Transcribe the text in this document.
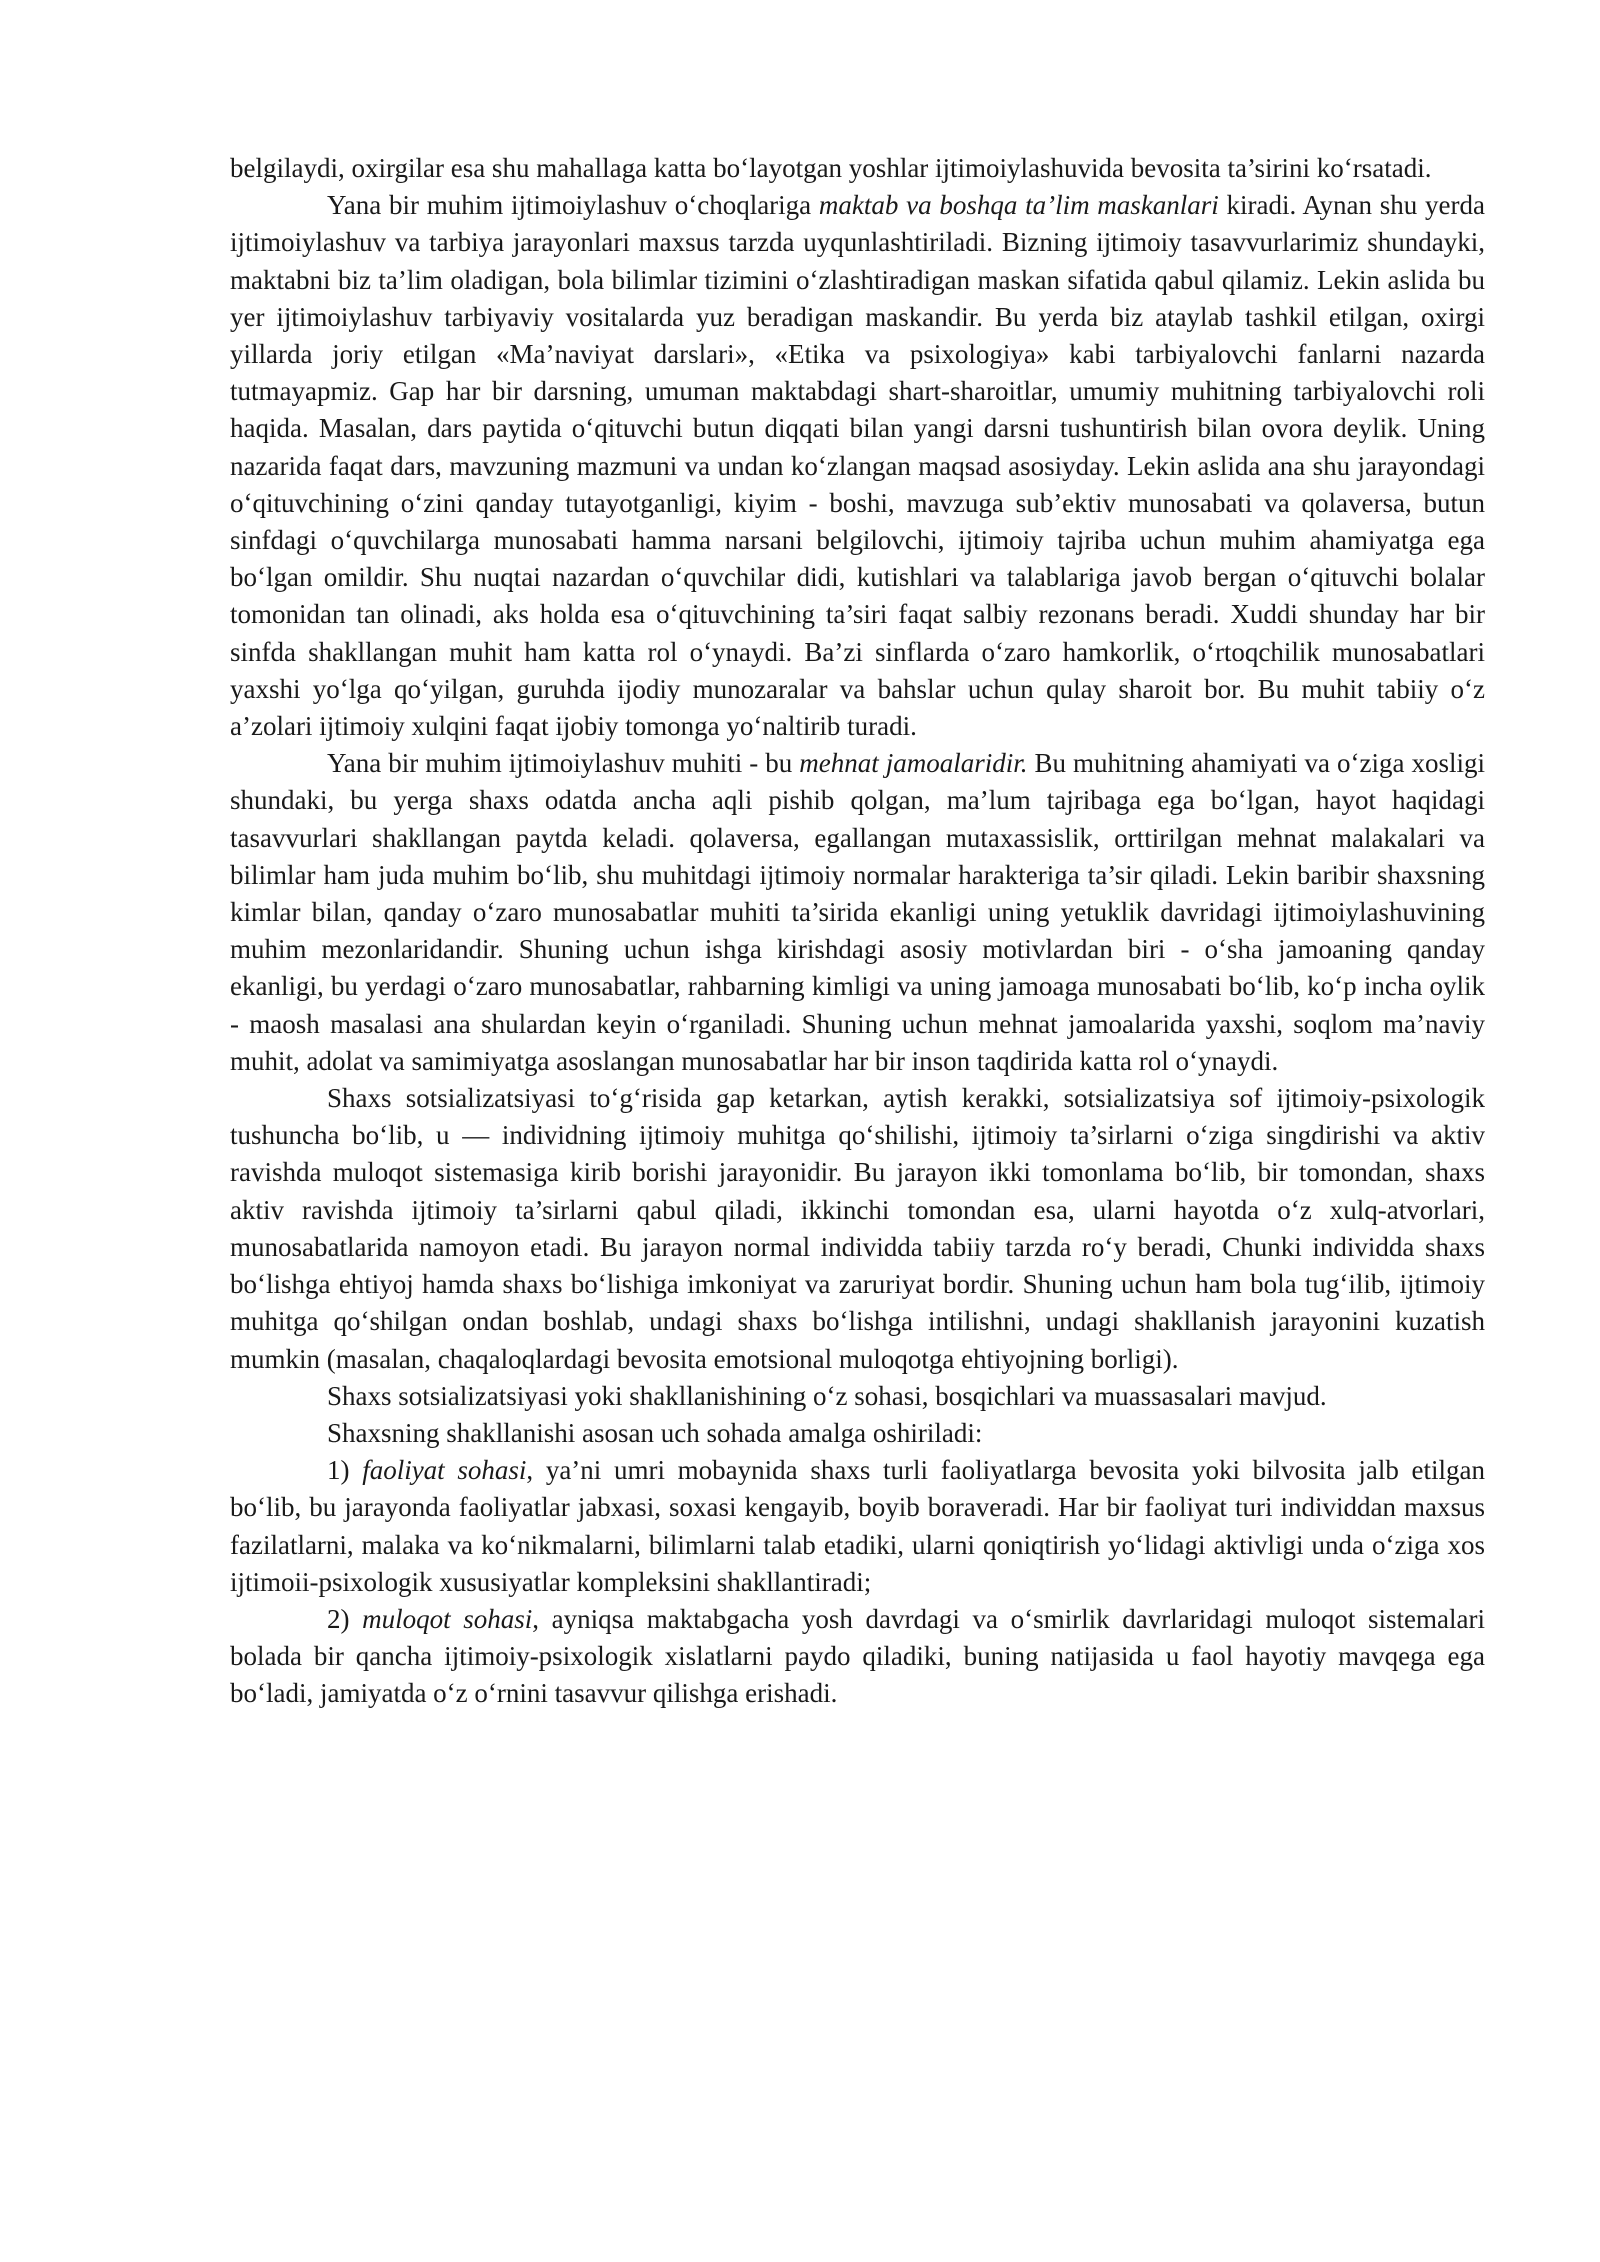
belgilaydi, oxirgilar esa shu mahallaga katta bo‘layotgan yoshlar ijtimoiylashuvida bevosita ta’sirini ko‘rsatadi.

Yana bir muhim ijtimoiylashuv o‘choqlariga maktab va boshqa ta’lim maskanlari kiradi. Aynan shu yerda ijtimoiylashuv va tarbiya jarayonlari maxsus tarzda uyqunlashtiriladi. Bizning ijtimoiy tasavvurlarimiz shundayki, maktabni biz ta’lim oladigan, bola bilimlar tizimini o‘zlashtiradigan maskan sifatida qabul qilamiz. Lekin aslida bu yer ijtimoiylashuv tarbiyaviy vositalarda yuz beradigan maskandir. Bu yerda biz ataylab tashkil etilgan, oxirgi yillarda joriy etilgan «Ma’naviyat darslari», «Etika va psixologiya» kabi tarbiyalovchi fanlarni nazarda tutmayapmiz. Gap har bir darsning, umuman maktabdagi shart-sharoitlar, umumiy muhitning tarbiyalovchi roli haqida. Masalan, dars paytida o‘qituvchi butun diqqati bilan yangi darsni tushuntirish bilan ovora deylik. Uning nazarida faqat dars, mavzuning mazmuni va undan ko‘zlangan maqsad asosiyday. Lekin aslida ana shu jarayondagi o‘qituvchining o‘zini qanday tutayotganligi, kiyim - boshi, mavzuga sub’ektiv munosabati va qolaversa, butun sinfdagi o‘quvchilarga munosabati hamma narsani belgilovchi, ijtimoiy tajriba uchun muhim ahamiyatga ega bo‘lgan omildir. Shu nuqtai nazardan o‘quvchilar didi, kutishlari va talablariga javob bergan o‘qituvchi bolalar tomonidan tan olinadi, aks holda esa o‘qituvchining ta’siri faqat salbiy rezonans beradi. Xuddi shunday har bir sinfda shakllangan muhit ham katta rol o‘ynaydi. Ba’zi sinflarda o‘zaro hamkorlik, o‘rtoqchilik munosabatlari yaxshi yo‘lga qo‘yilgan, guruhda ijodiy munozaralar va bahslar uchun qulay sharoit bor. Bu muhit tabiiy o‘z a’zolari ijtimoiy xulqini faqat ijobiy tomonga yo‘naltirib turadi.

Yana bir muhim ijtimoiylashuv muhiti - bu mehnat jamoalaridir. Bu muhitning ahamiyati va o‘ziga xosligi shundaki, bu yerga shaxs odatda ancha aqli pishib qolgan, ma’lum tajribaga ega bo‘lgan, hayot haqidagi tasavvurlari shakllangan paytda keladi. qolaversa, egallangan mutaxassislik, orttirilgan mehnat malakalari va bilimlar ham juda muhim bo‘lib, shu muhitdagi ijtimoiy normalar harakteriga ta’sir qiladi. Lekin baribir shaxsning kimlar bilan, qanday o‘zaro munosabatlar muhiti ta’sirida ekanligi uning yetuklik davridagi ijtimoiylashuvining muhim mezonlaridandir. Shuning uchun ishga kirishdagi asosiy motivlardan biri - o‘sha jamoaning qanday ekanligi, bu yerdagi o‘zaro munosabatlar, rahbarning kimligi va uning jamoaga munosabati bo‘lib, ko‘p incha oylik - maosh masalasi ana shulardan keyin o‘rganiladi. Shuning uchun mehnat jamoalarida yaxshi, soqlom ma’naviy muhit, adolat va samimiyatga asoslangan munosabatlar har bir inson taqdirida katta rol o‘ynaydi.

Shaxs sotsializatsiyasi to‘g‘risida gap ketarkan, aytish kerakki, sotsializatsiya sof ijtimoiy-psixologik tushuncha bo‘lib, u — individning ijtimoiy muhitga qo‘shilishi, ijtimoiy ta’sirlarni o‘ziga singdirishi va aktiv ravishda muloqot sistemasiga kirib borishi jarayonidir. Bu jarayon ikki tomonlama bo‘lib, bir tomondan, shaxs aktiv ravishda ijtimoiy ta’sirlarni qabul qiladi, ikkinchi tomondan esa, ularni hayotda o‘z xulq-atvorlari, munosabatlarida namoyon etadi. Bu jarayon normal individda tabiiy tarzda ro‘y beradi, Chunki individda shaxs bo‘lishga ehtiyoj hamda shaxs bo‘lishiga imkoniyat va zaruriyat bordir. Shuning uchun ham bola tug‘ilib, ijtimoiy muhitga qo‘shilgan ondan boshlab, undagi shaxs bo‘lishga intilishni, undagi shakllanish jarayonini kuzatish mumkin (masalan, chaqaloqlardagi bevosita emotsional muloqotga ehtiyojning borligi).

Shaxs sotsializatsiyasi yoki shakllanishining o‘z sohasi, bosqichlari va muassasalari mavjud.

Shaxsning shakllanishi asosan uch sohada amalga oshiriladi:

1) faoliyat sohasi, ya’ni umri mobaynida shaxs turli faoliyatlarga bevosita yoki bilvosita jalb etilgan bo‘lib, bu jarayonda faoliyatlar jabxasi, soxasi kengayib, boyib boraveradi. Har bir faoliyat turi individdan maxsus fazilatlarni, malaka va ko‘nikmalarni, bilimlarni talab etadiki, ularni qoniqtirish yo‘lidagi aktivligi unda o‘ziga xos ijtimoii-psixologik xususiyatlar kompleksini shakllantiradi;

2) muloqot sohasi, ayniqsa maktabgacha yosh davrdagi va o‘smirlik davrlaridagi muloqot sistemalari bolada bir qancha ijtimoiy-psixologik xislatlarni paydo qiladiki, buning natijasida u faol hayotiy mavqega ega bo‘ladi, jamiyatda o‘z o‘rnini tasavvur qilishga erishadi.
